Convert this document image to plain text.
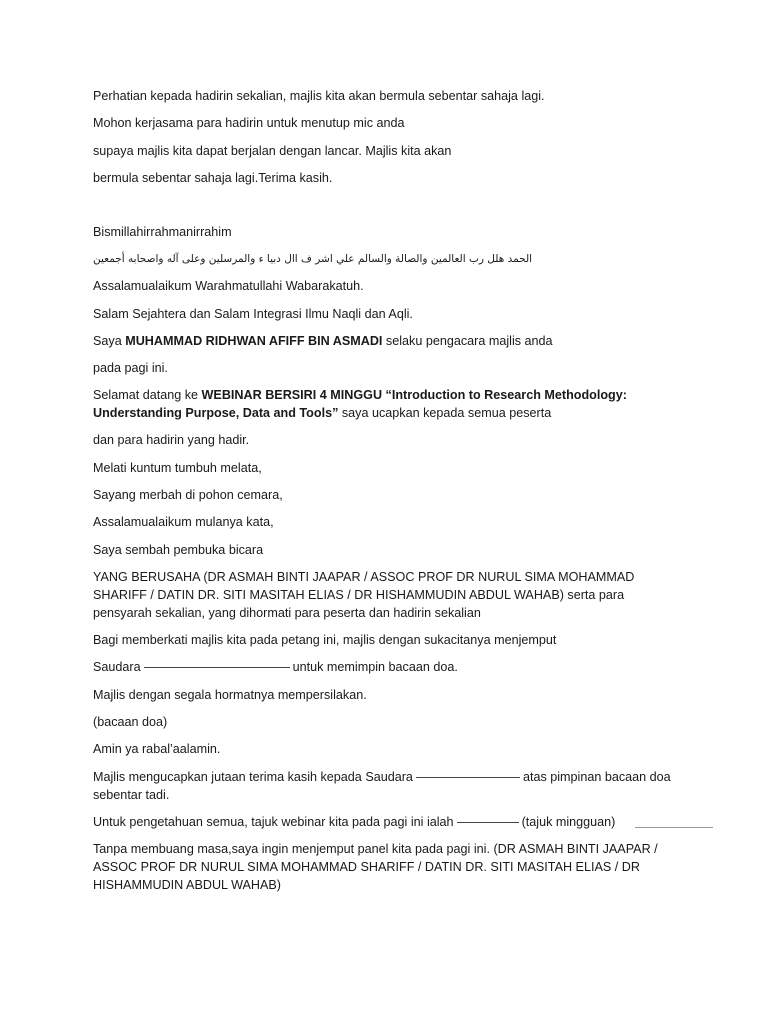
Perhatian kepada hadirin sekalian, majlis kita akan bermula sebentar sahaja lagi.
Mohon kerjasama para hadirin untuk menutup mic anda
supaya majlis kita dapat berjalan dengan lancar. Majlis kita akan
bermula sebentar sahaja lagi.Terima kasih.
Bismillahirrahmanirrahim
الحمد هلل رب العالمين والصالة والسالم علي اشر ف اال دبيا ء والمرسلين وعلى آله واصحابه أجمعين
Assalamualaikum Warahmatullahi Wabarakatuh.
Salam Sejahtera dan Salam Integrasi Ilmu Naqli dan Aqli.
Saya MUHAMMAD RIDHWAN AFIFF BIN ASMADI selaku pengacara majlis anda
pada pagi ini.
Selamat datang ke WEBINAR BERSIRI 4 MINGGU “Introduction to Research Methodology: Understanding Purpose, Data and Tools” saya ucapkan kepada semua peserta
dan para hadirin yang hadir.
Melati kuntum tumbuh melata,
Sayang merbah di pohon cemara,
Assalamualaikum mulanya kata,
Saya sembah pembuka bicara
YANG BERUSAHA (DR ASMAH BINTI JAAPAR / ASSOC PROF DR NURUL SIMA MOHAMMAD SHARIFF / DATIN DR. SITI MASITAH ELIAS / DR HISHAMMUDIN ABDUL WAHAB) serta para pensyarah sekalian, yang dihormati para peserta dan hadirin sekalian
Bagi memberkati majlis kita pada petang ini, majlis dengan sukacitanya menjemput
Saudara	untuk memimpin bacaan doa.
Majlis dengan segala hormatnya mempersilakan.
(bacaan doa)
Amin ya rabal’aalamin.
Majlis mengucapkan jutaan terima kasih kepada Saudara	atas pimpinan bacaan doa sebentar tadi.
Untuk pengetahuan semua, tajuk webinar kita pada pagi ini ialah	(tajuk mingguan)
Tanpa membuang masa,saya ingin menjemput panel kita pada pagi ini. (DR ASMAH BINTI JAAPAR / ASSOC PROF DR NURUL SIMA MOHAMMAD SHARIFF / DATIN DR. SITI MASITAH ELIAS / DR HISHAMMUDIN ABDUL WAHAB)
